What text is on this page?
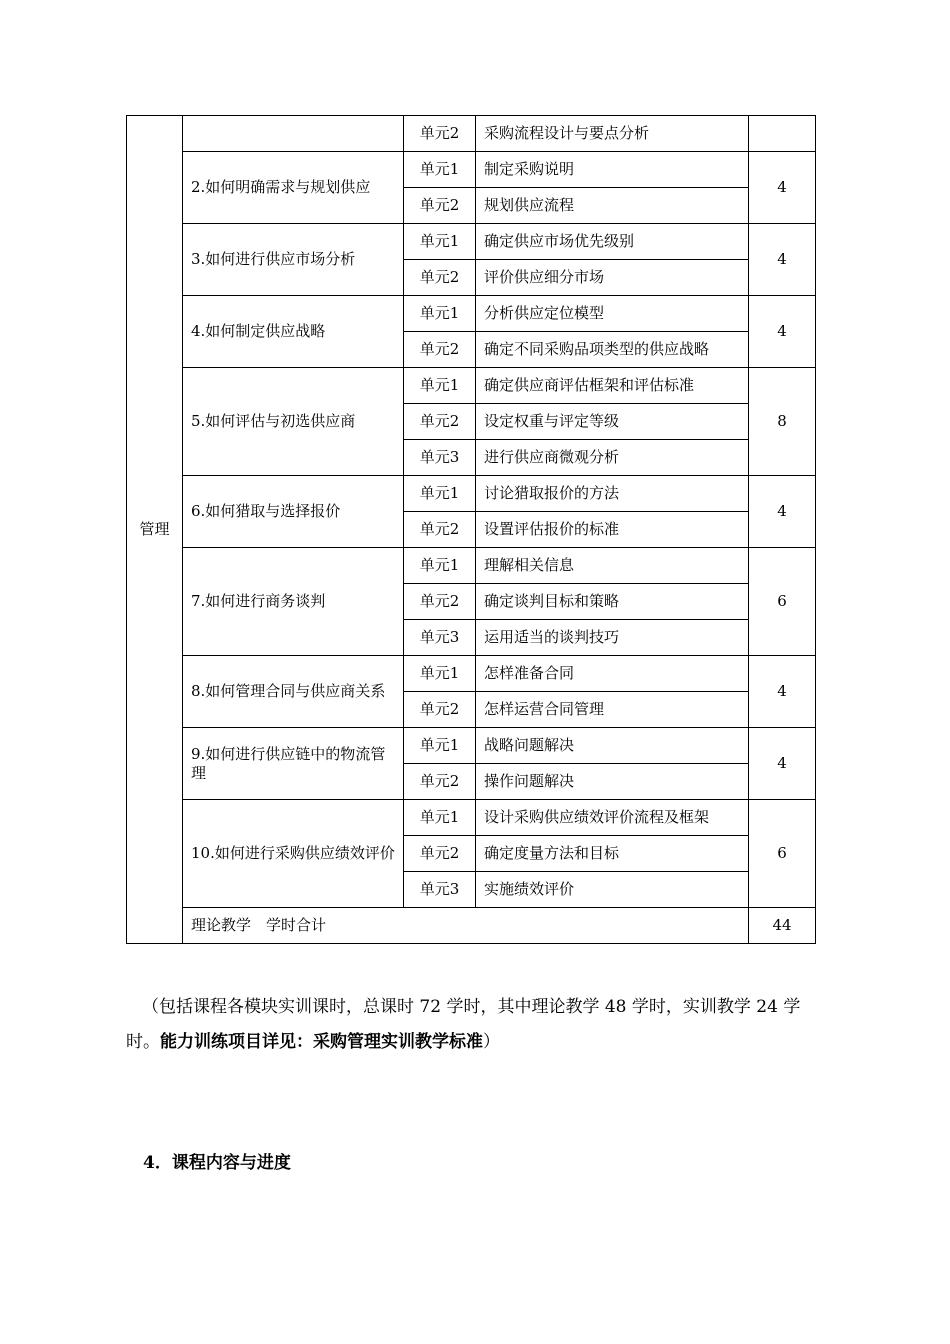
管理		单元2	采购流程设计与要点分析	
	2.如何明确需求与规划供应	单元1	制定采购说明	4
		单元2	规划供应流程	
	3.如何进行供应市场分析	单元1	确定供应市场优先级别	4
		单元2	评价供应细分市场	
	4.如何制定供应战略	单元1	分析供应定位模型	4
		单元2	确定不同采购品项类型的供应战略	
	5.如何评估与初选供应商	单元1	确定供应商评估框架和评估标准	8
		单元2	设定权重与评定等级	
		单元3	进行供应商微观分析	
	6.如何猎取与选择报价	单元1	讨论猎取报价的方法	4
		单元2	设置评估报价的标准	
	7.如何进行商务谈判	单元1	理解相关信息	6
		单元2	确定谈判目标和策略	
		单元3	运用适当的谈判技巧	
	8.如何管理合同与供应商关系	单元1	怎样准备合同	4
		单元2	怎样运营合同管理	
	9.如何进行供应链中的物流管理	单元1	战略问题解决	4
		单元2	操作问题解决	
	10.如何进行采购供应绩效评价	单元1	设计采购供应绩效评价流程及框架	6
		单元2	确定度量方法和目标	
		单元3	实施绩效评价	
	理论教学　学时合计			44

（包括课程各模块实训课时，总课时 72 学时，其中理论教学 48 学时，实训教学 24 学时。能力训练项目详见：采购管理实训教学标准）

4．课程内容与进度
